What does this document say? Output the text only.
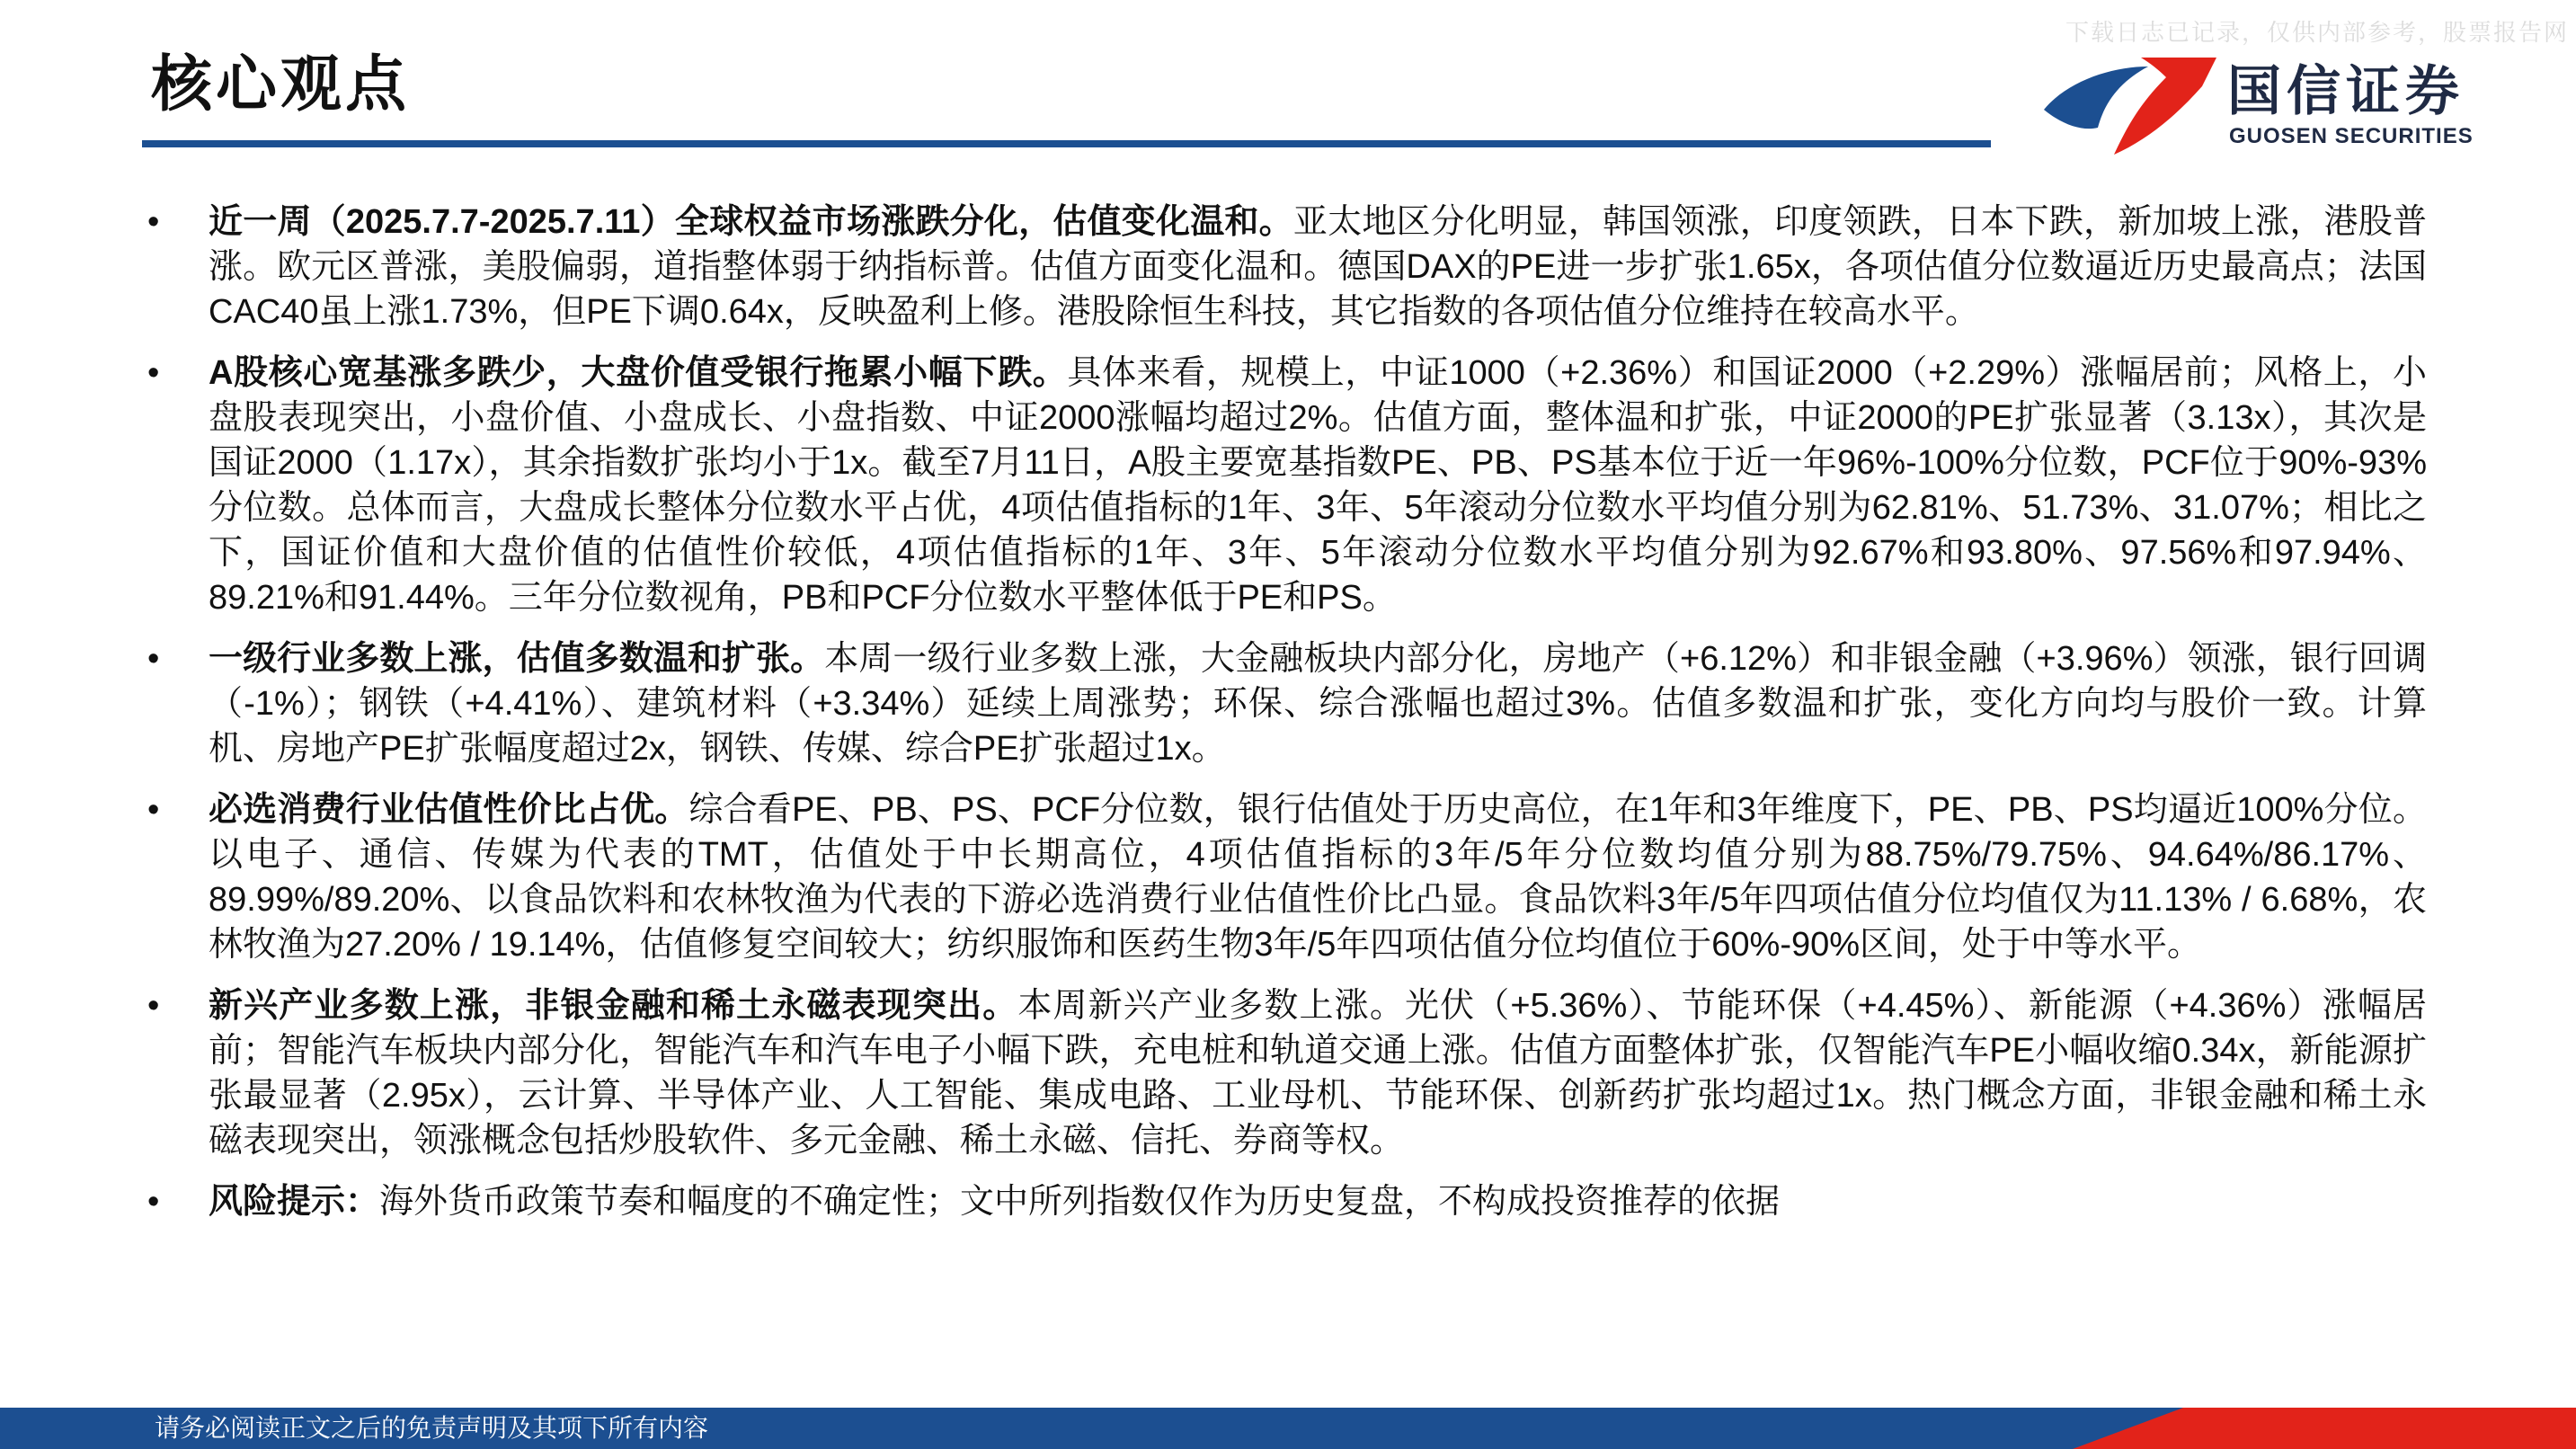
下载日志已记录，仅供内部参考，股票报告网
核心观点	国信证券
GUOSEN SECURITIES
• 近一周（2025.7.7-2025.7.11）全球权益市场涨跌分化，估值变化温和。亚太地区分化明显，韩国领涨，印度领跌，日本下跌，新加坡上涨，港股普涨。欧元区普涨，美股偏弱，道指整体弱于纳指标普。估值方面变化温和。德国DAX的PE进一步扩张1.65x，各项估值分位数逼近历史最高点；法国CAC40虽上涨1.73%，但PE下调0.64x，反映盈利上修。港股除恒生科技，其它指数的各项估值分位维持在较高水平。
• A股核心宽基涨多跌少，大盘价值受银行拖累小幅下跌。具体来看，规模上，中证1000（+2.36%）和国证2000（+2.29%）涨幅居前；风格上，小盘股表现突出，小盘价值、小盘成长、小盘指数、中证2000涨幅均超过2%。估值方面，整体温和扩张，中证2000的PE扩张显著（3.13x），其次是国证2000（1.17x），其余指数扩张均小于1x。截至7月11日，A股主要宽基指数PE、PB、PS基本位于近一年96%-100%分位数，PCF位于90%-93%分位数。总体而言，大盘成长整体分位数水平占优，4项估值指标的1年、3年、5年滚动分位数水平均值分别为62.81%、51.73%、31.07%；相比之下，国证价值和大盘价值的估值性价较低，4项估值指标的1年、3年、5年滚动分位数水平均值分别为92.67%和93.80%、97.56%和97.94%、89.21%和91.44%。三年分位数视角，PB和PCF分位数水平整体低于PE和PS。
• 一级行业多数上涨，估值多数温和扩张。本周一级行业多数上涨，大金融板块内部分化，房地产（+6.12%）和非银金融（+3.96%）领涨，银行回调（-1%）；钢铁（+4.41%）、建筑材料（+3.34%）延续上周涨势；环保、综合涨幅也超过3%。估值多数温和扩张，变化方向均与股价一致。计算机、房地产PE扩张幅度超过2x，钢铁、传媒、综合PE扩张超过1x。
• 必选消费行业估值性价比占优。综合看PE、PB、PS、PCF分位数，银行估值处于历史高位，在1年和3年维度下，PE、PB、PS均逼近100%分位。以电子、通信、传媒为代表的TMT，估值处于中长期高位，4项估值指标的3年/5年分位数均值分别为88.75%/79.75%、94.64%/86.17%、89.99%/89.20%、以食品饮料和农林牧渔为代表的下游必选消费行业估值性价比凸显。食品饮料3年/5年四项估值分位均值仅为11.13% / 6.68%，农林牧渔为27.20% / 19.14%，估值修复空间较大；纺织服饰和医药生物3年/5年四项估值分位均值位于60%-90%区间，处于中等水平。
• 新兴产业多数上涨，非银金融和稀土永磁表现突出。本周新兴产业多数上涨。光伏（+5.36%）、节能环保（+4.45%）、新能源（+4.36%）涨幅居前；智能汽车板块内部分化，智能汽车和汽车电子小幅下跌，充电桩和轨道交通上涨。估值方面整体扩张，仅智能汽车PE小幅收缩0.34x，新能源扩张最显著（2.95x），云计算、半导体产业、人工智能、集成电路、工业母机、节能环保、创新药扩张均超过1x。热门概念方面，非银金融和稀土永磁表现突出，领涨概念包括炒股软件、多元金融、稀土永磁、信托、券商等权。
• 风险提示：海外货币政策节奏和幅度的不确定性；文中所列指数仅作为历史复盘，不构成投资推荐的依据
请务必阅读正文之后的免责声明及其项下所有内容
